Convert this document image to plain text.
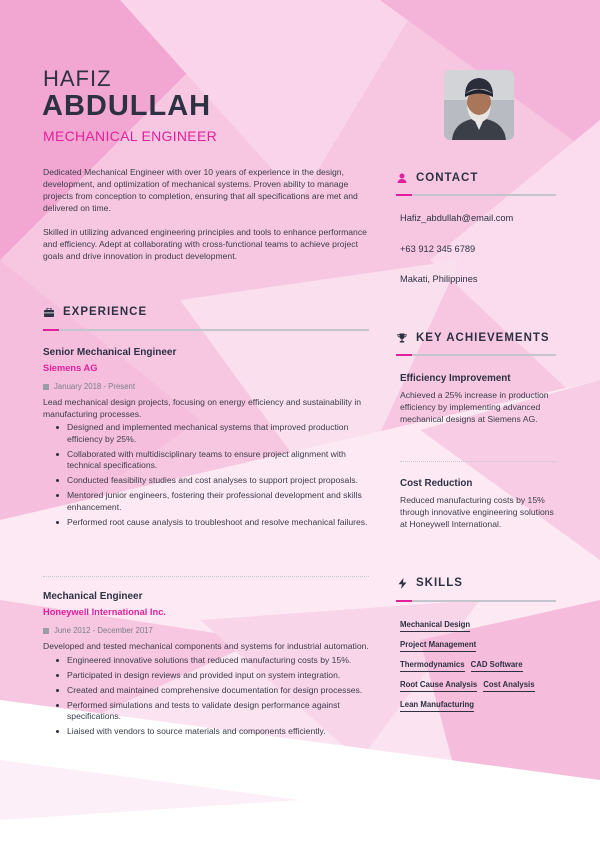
HAFIZ
ABDULLAH
MECHANICAL ENGINEER

Dedicated Mechanical Engineer with over 10 years of experience in the design, development, and optimization of mechanical systems. Proven ability to manage projects from conception to completion, ensuring that all specifications are met and delivered on time.

Skilled in utilizing advanced engineering principles and tools to enhance performance and efficiency. Adept at collaborating with cross-functional teams to achieve project goals and drive innovation in product development.

EXPERIENCE
Senior Mechanical Engineer
Siemens AG
January 2018 - Present
Lead mechanical design projects, focusing on energy efficiency and sustainability in manufacturing processes.
Designed and implemented mechanical systems that improved production efficiency by 25%.
Collaborated with multidisciplinary teams to ensure project alignment with technical specifications.
Conducted feasibility studies and cost analyses to support project proposals.
Mentored junior engineers, fostering their professional development and skills enhancement.
Performed root cause analysis to troubleshoot and resolve mechanical failures.
Mechanical Engineer
Honeywell International Inc.
June 2012 - December 2017
Developed and tested mechanical components and systems for industrial automation.
Engineered innovative solutions that reduced manufacturing costs by 15%.
Participated in design reviews and provided input on system integration.
Created and maintained comprehensive documentation for design processes.
Performed simulations and tests to validate design performance against specifications.
Liaised with vendors to source materials and components efficiently.
CONTACT
Hafiz_abdullah@email.com
+63 912 345 6789
Makati, Philippines
KEY ACHIEVEMENTS
Efficiency Improvement
Achieved a 25% increase in production efficiency by implementing advanced mechanical designs at Siemens AG.
Cost Reduction
Reduced manufacturing costs by 15% through innovative engineering solutions at Honeywell International.
SKILLS
Mechanical Design
Project Management
Thermodynamics CAD Software
Root Cause Analysis Cost Analysis
Lean Manufacturing
